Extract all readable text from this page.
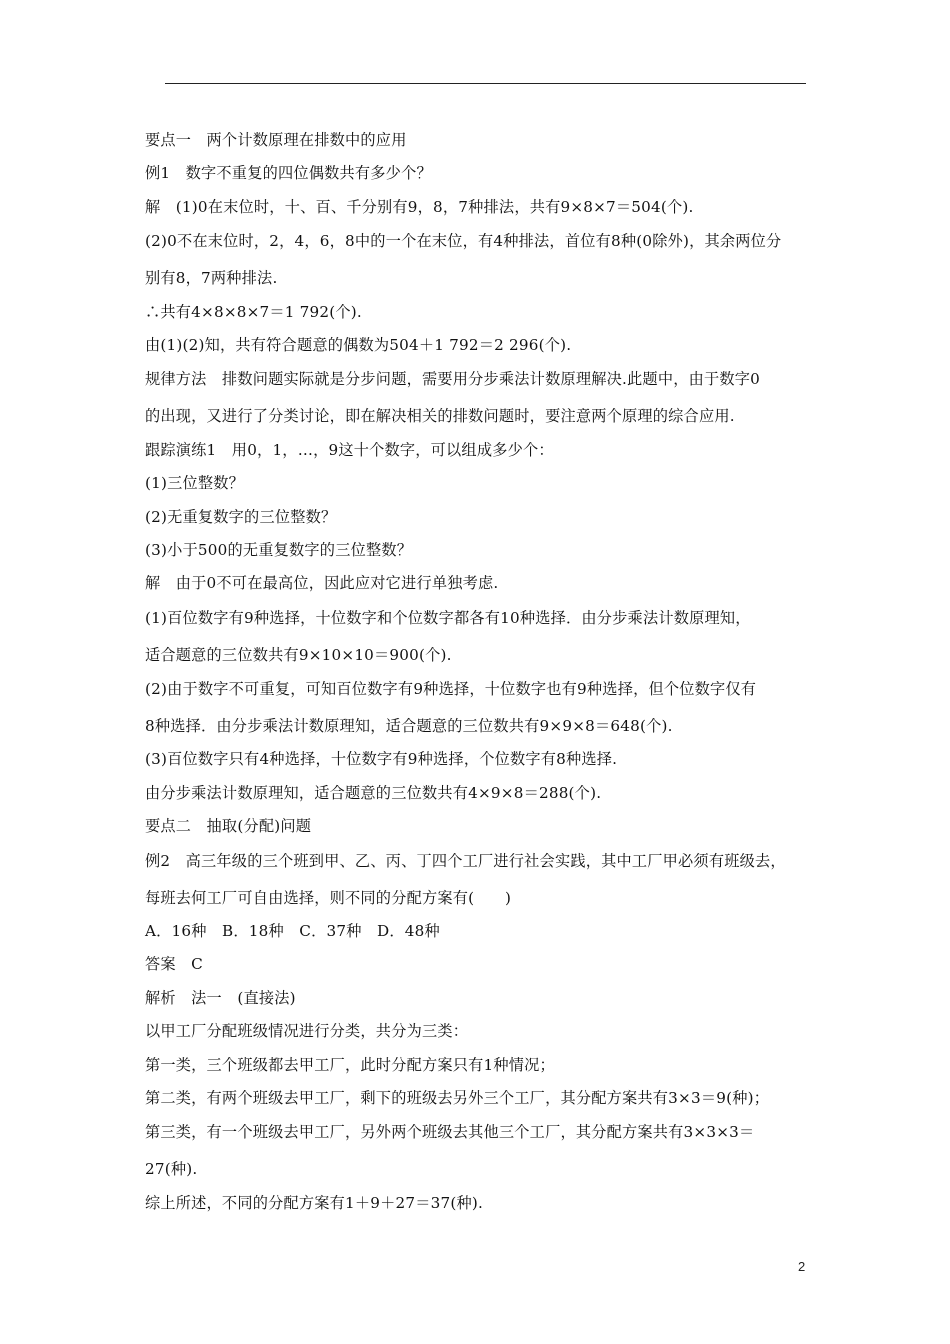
要点一　两个计数原理在排数中的应用
例1　数字不重复的四位偶数共有多少个？
解　(1)0在末位时，十、百、千分别有9，8，7种排法，共有9×8×7＝504(个).
(2)0不在末位时，2，4，6，8中的一个在末位，有4种排法，首位有8种(0除外)，其余两位分
别有8，7两种排法.
∴共有4×8×8×7＝1 792(个).
由(1)(2)知，共有符合题意的偶数为504＋1 792＝2 296(个).
规律方法　排数问题实际就是分步问题，需要用分步乘法计数原理解决.此题中，由于数字0
的出现，又进行了分类讨论，即在解决相关的排数问题时，要注意两个原理的综合应用.
跟踪演练1　用0，1，…，9这十个数字，可以组成多少个：
(1)三位整数？
(2)无重复数字的三位整数？
(3)小于500的无重复数字的三位整数？
解　由于0不可在最高位，因此应对它进行单独考虑.
(1)百位数字有9种选择，十位数字和个位数字都各有10种选择．由分步乘法计数原理知，
适合题意的三位数共有9×10×10＝900(个).
(2)由于数字不可重复，可知百位数字有9种选择，十位数字也有9种选择，但个位数字仅有
8种选择．由分步乘法计数原理知，适合题意的三位数共有9×9×8＝648(个).
(3)百位数字只有4种选择，十位数字有9种选择，个位数字有8种选择.
由分步乘法计数原理知，适合题意的三位数共有4×9×8＝288(个).
要点二　抽取(分配)问题
例2　高三年级的三个班到甲、乙、丙、丁四个工厂进行社会实践，其中工厂甲必须有班级去，
每班去何工厂可自由选择，则不同的分配方案有(　　)
A．16种　B．18种　C．37种　D．48种
答案　C
解析　法一　(直接法)
以甲工厂分配班级情况进行分类，共分为三类：
第一类，三个班级都去甲工厂，此时分配方案只有1种情况；
第二类，有两个班级去甲工厂，剩下的班级去另外三个工厂，其分配方案共有3×3＝9(种)；
第三类，有一个班级去甲工厂，另外两个班级去其他三个工厂，其分配方案共有3×3×3＝
27(种).
综上所述，不同的分配方案有1＋9＋27＝37(种).
2
